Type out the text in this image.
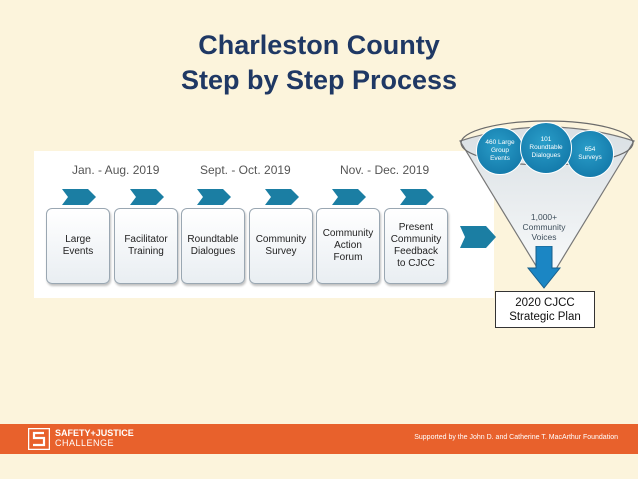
Charleston County
Step by Step Process
Jan. - Aug. 2019	Sept. - Oct. 2019	Nov. - Dec. 2019
Large
Events
Facilitator
Training
Roundtable
Dialogues
Community
Survey
Community
Action
Forum
Present
Community
Feedback
to CJCC
460 Large
Group
Events
654
Surveys
101
Roundtable
Dialogues
1,000+
Community
Voices
2020 CJCC
Strategic Plan
SAFETY+JUSTICE
CHALLENGE
Supported by the John D. and Catherine T. MacArthur Foundation
